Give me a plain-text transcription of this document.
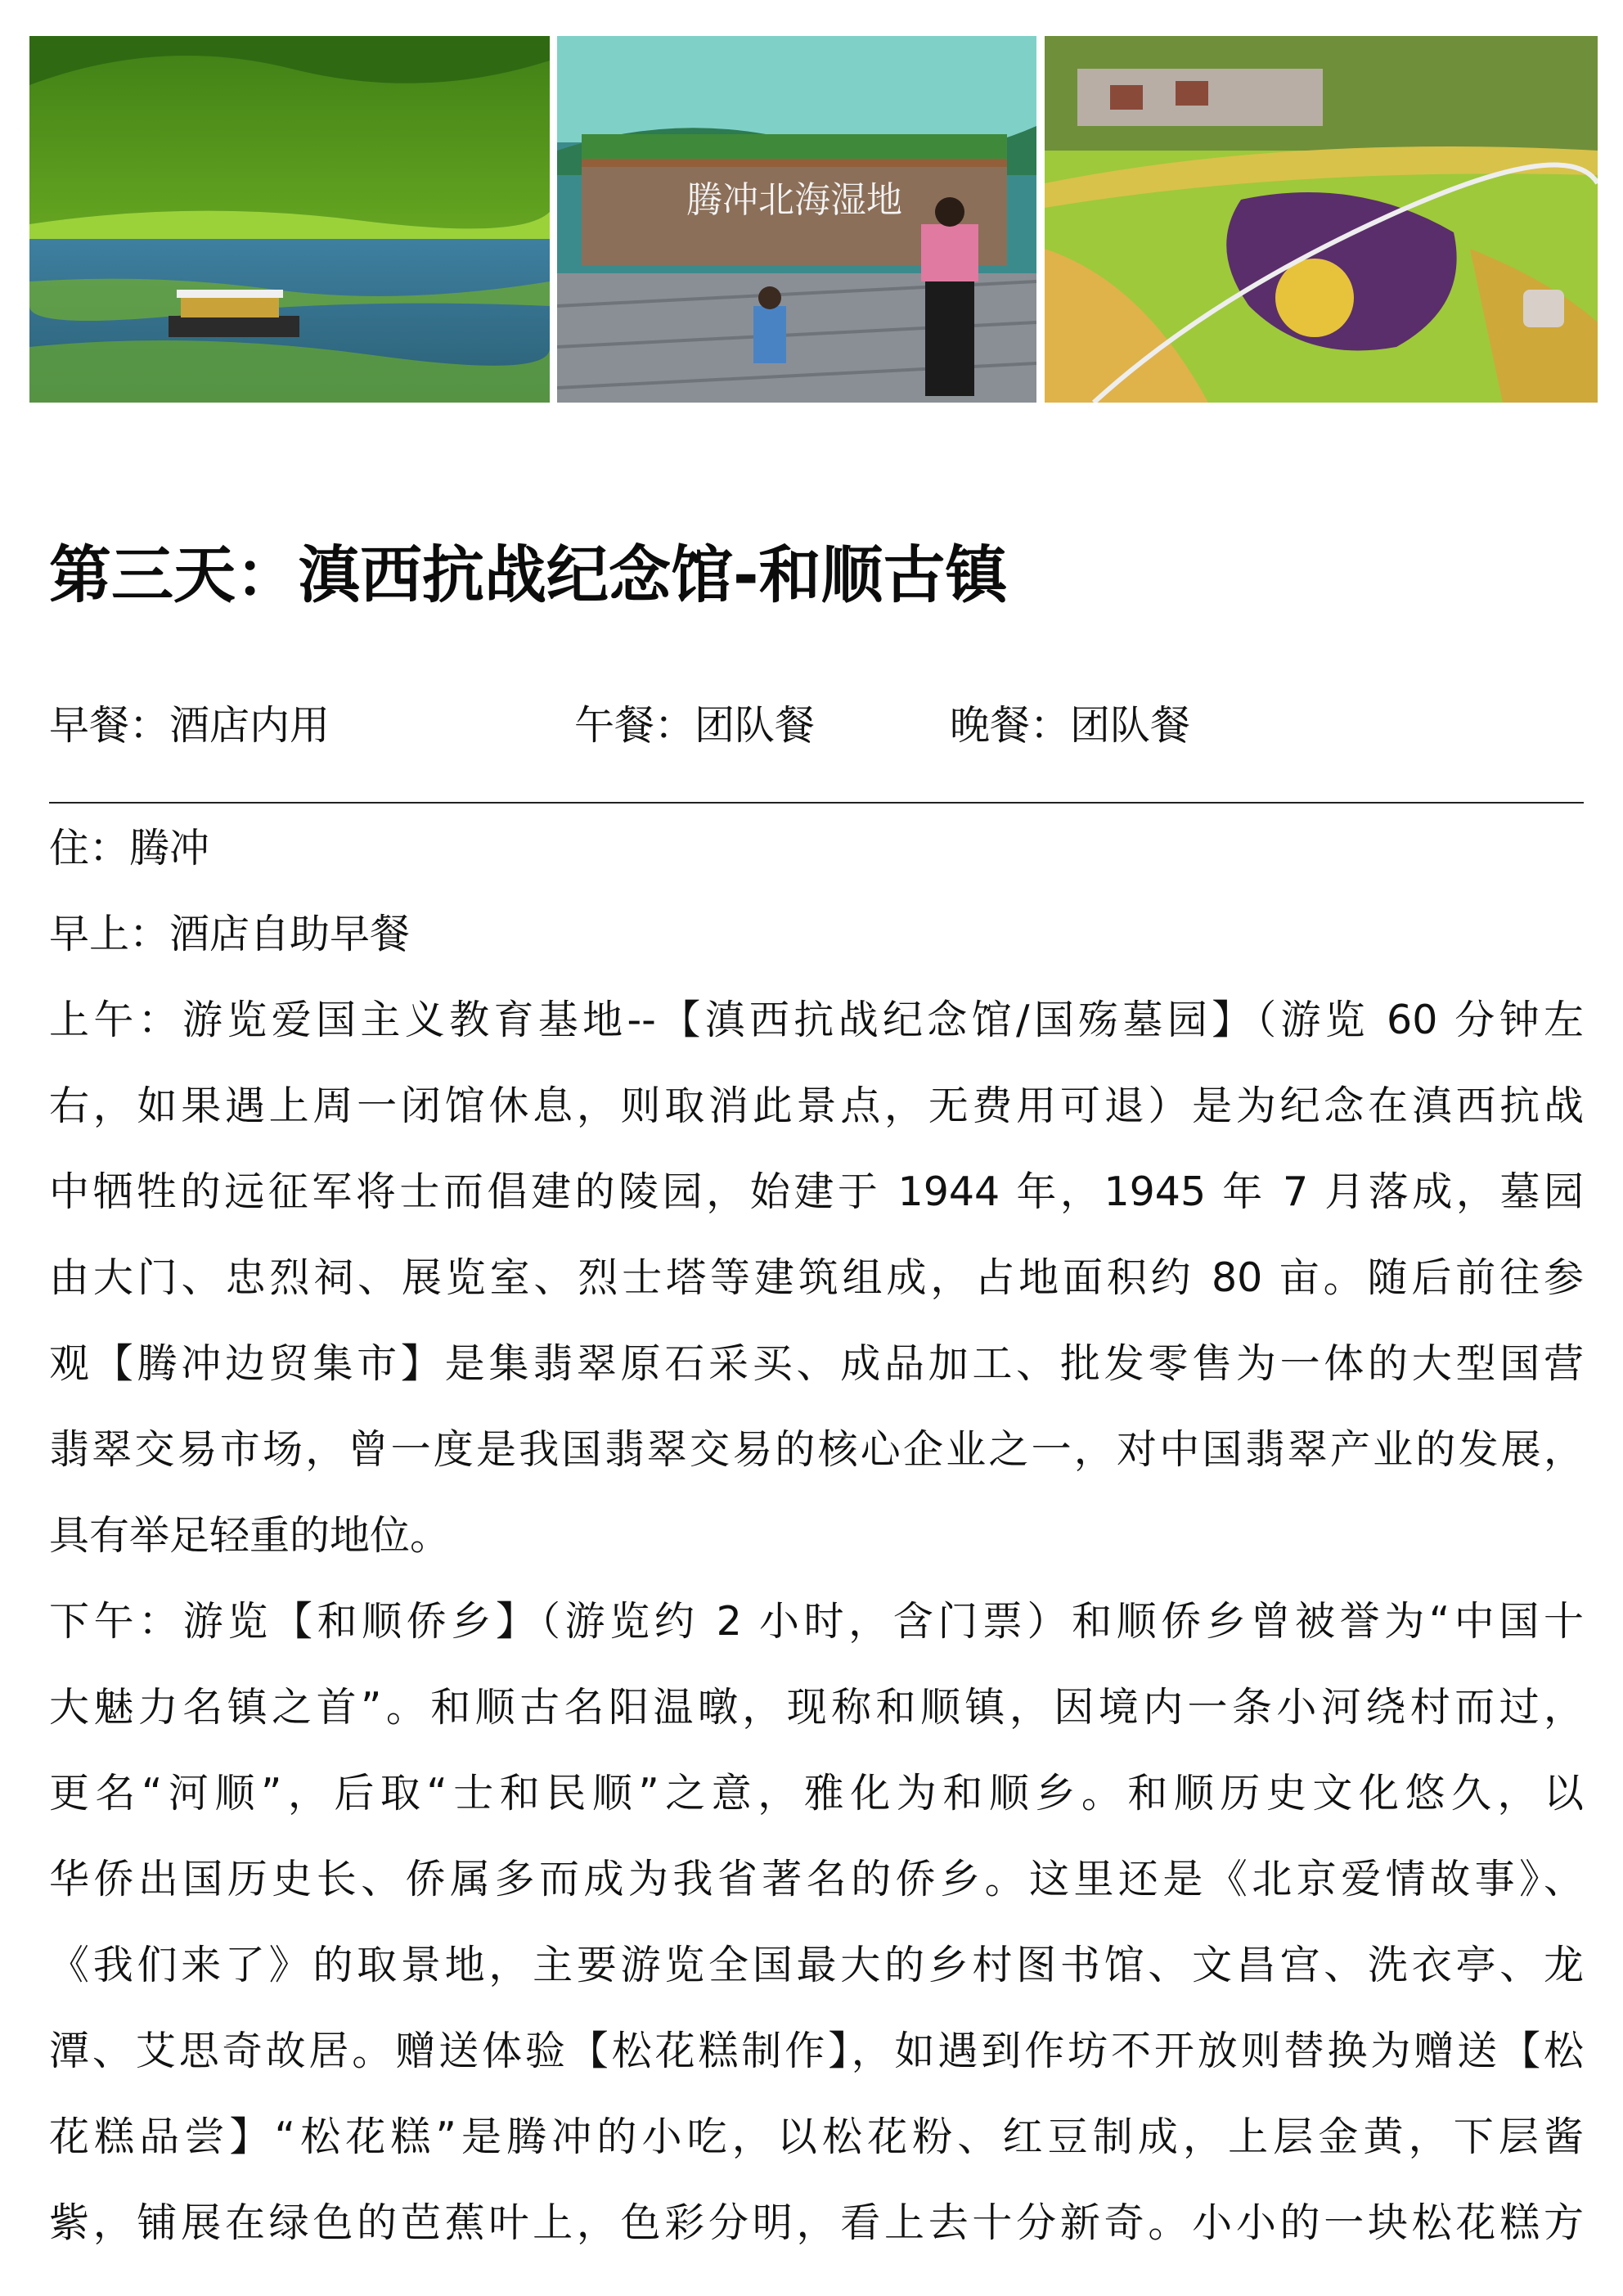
腾冲北海湿地
第三天：滇西抗战纪念馆-和顺古镇
早餐：酒店内用	午餐：团队餐	晚餐：团队餐
住：腾冲
早上：酒店自助早餐
上午：游览爱国主义教育基地--【滇西抗战纪念馆/国殇墓园】（游览 60 分钟左
右，如果遇上周一闭馆休息，则取消此景点，无费用可退）是为纪念在滇西抗战
中牺牲的远征军将士而倡建的陵园，始建于 1944 年，1945 年 7 月落成，墓园
由大门、忠烈祠、展览室、烈士塔等建筑组成，占地面积约 80 亩。随后前往参
观【腾冲边贸集市】是集翡翠原石采买、成品加工、批发零售为一体的大型国营
翡翠交易市场，曾一度是我国翡翠交易的核心企业之一，对中国翡翠产业的发展，
具有举足轻重的地位。
下午：游览【和顺侨乡】（游览约 2 小时，含门票）和顺侨乡曾被誉为“中国十
大魅力名镇之首”。和顺古名阳温暾，现称和顺镇，因境内一条小河绕村而过，
更名“河顺”，后取“士和民顺”之意，雅化为和顺乡。和顺历史文化悠久，以
华侨出国历史长、侨属多而成为我省著名的侨乡。这里还是《北京爱情故事》、
《我们来了》的取景地，主要游览全国最大的乡村图书馆、文昌宫、洗衣亭、龙
潭、艾思奇故居。赠送体验【松花糕制作】，如遇到作坊不开放则替换为赠送【松
花糕品尝】“松花糕”是腾冲的小吃，以松花粉、红豆制成，上层金黄，下层酱
紫，铺展在绿色的芭蕉叶上，色彩分明，看上去十分新奇。小小的一块松花糕方
